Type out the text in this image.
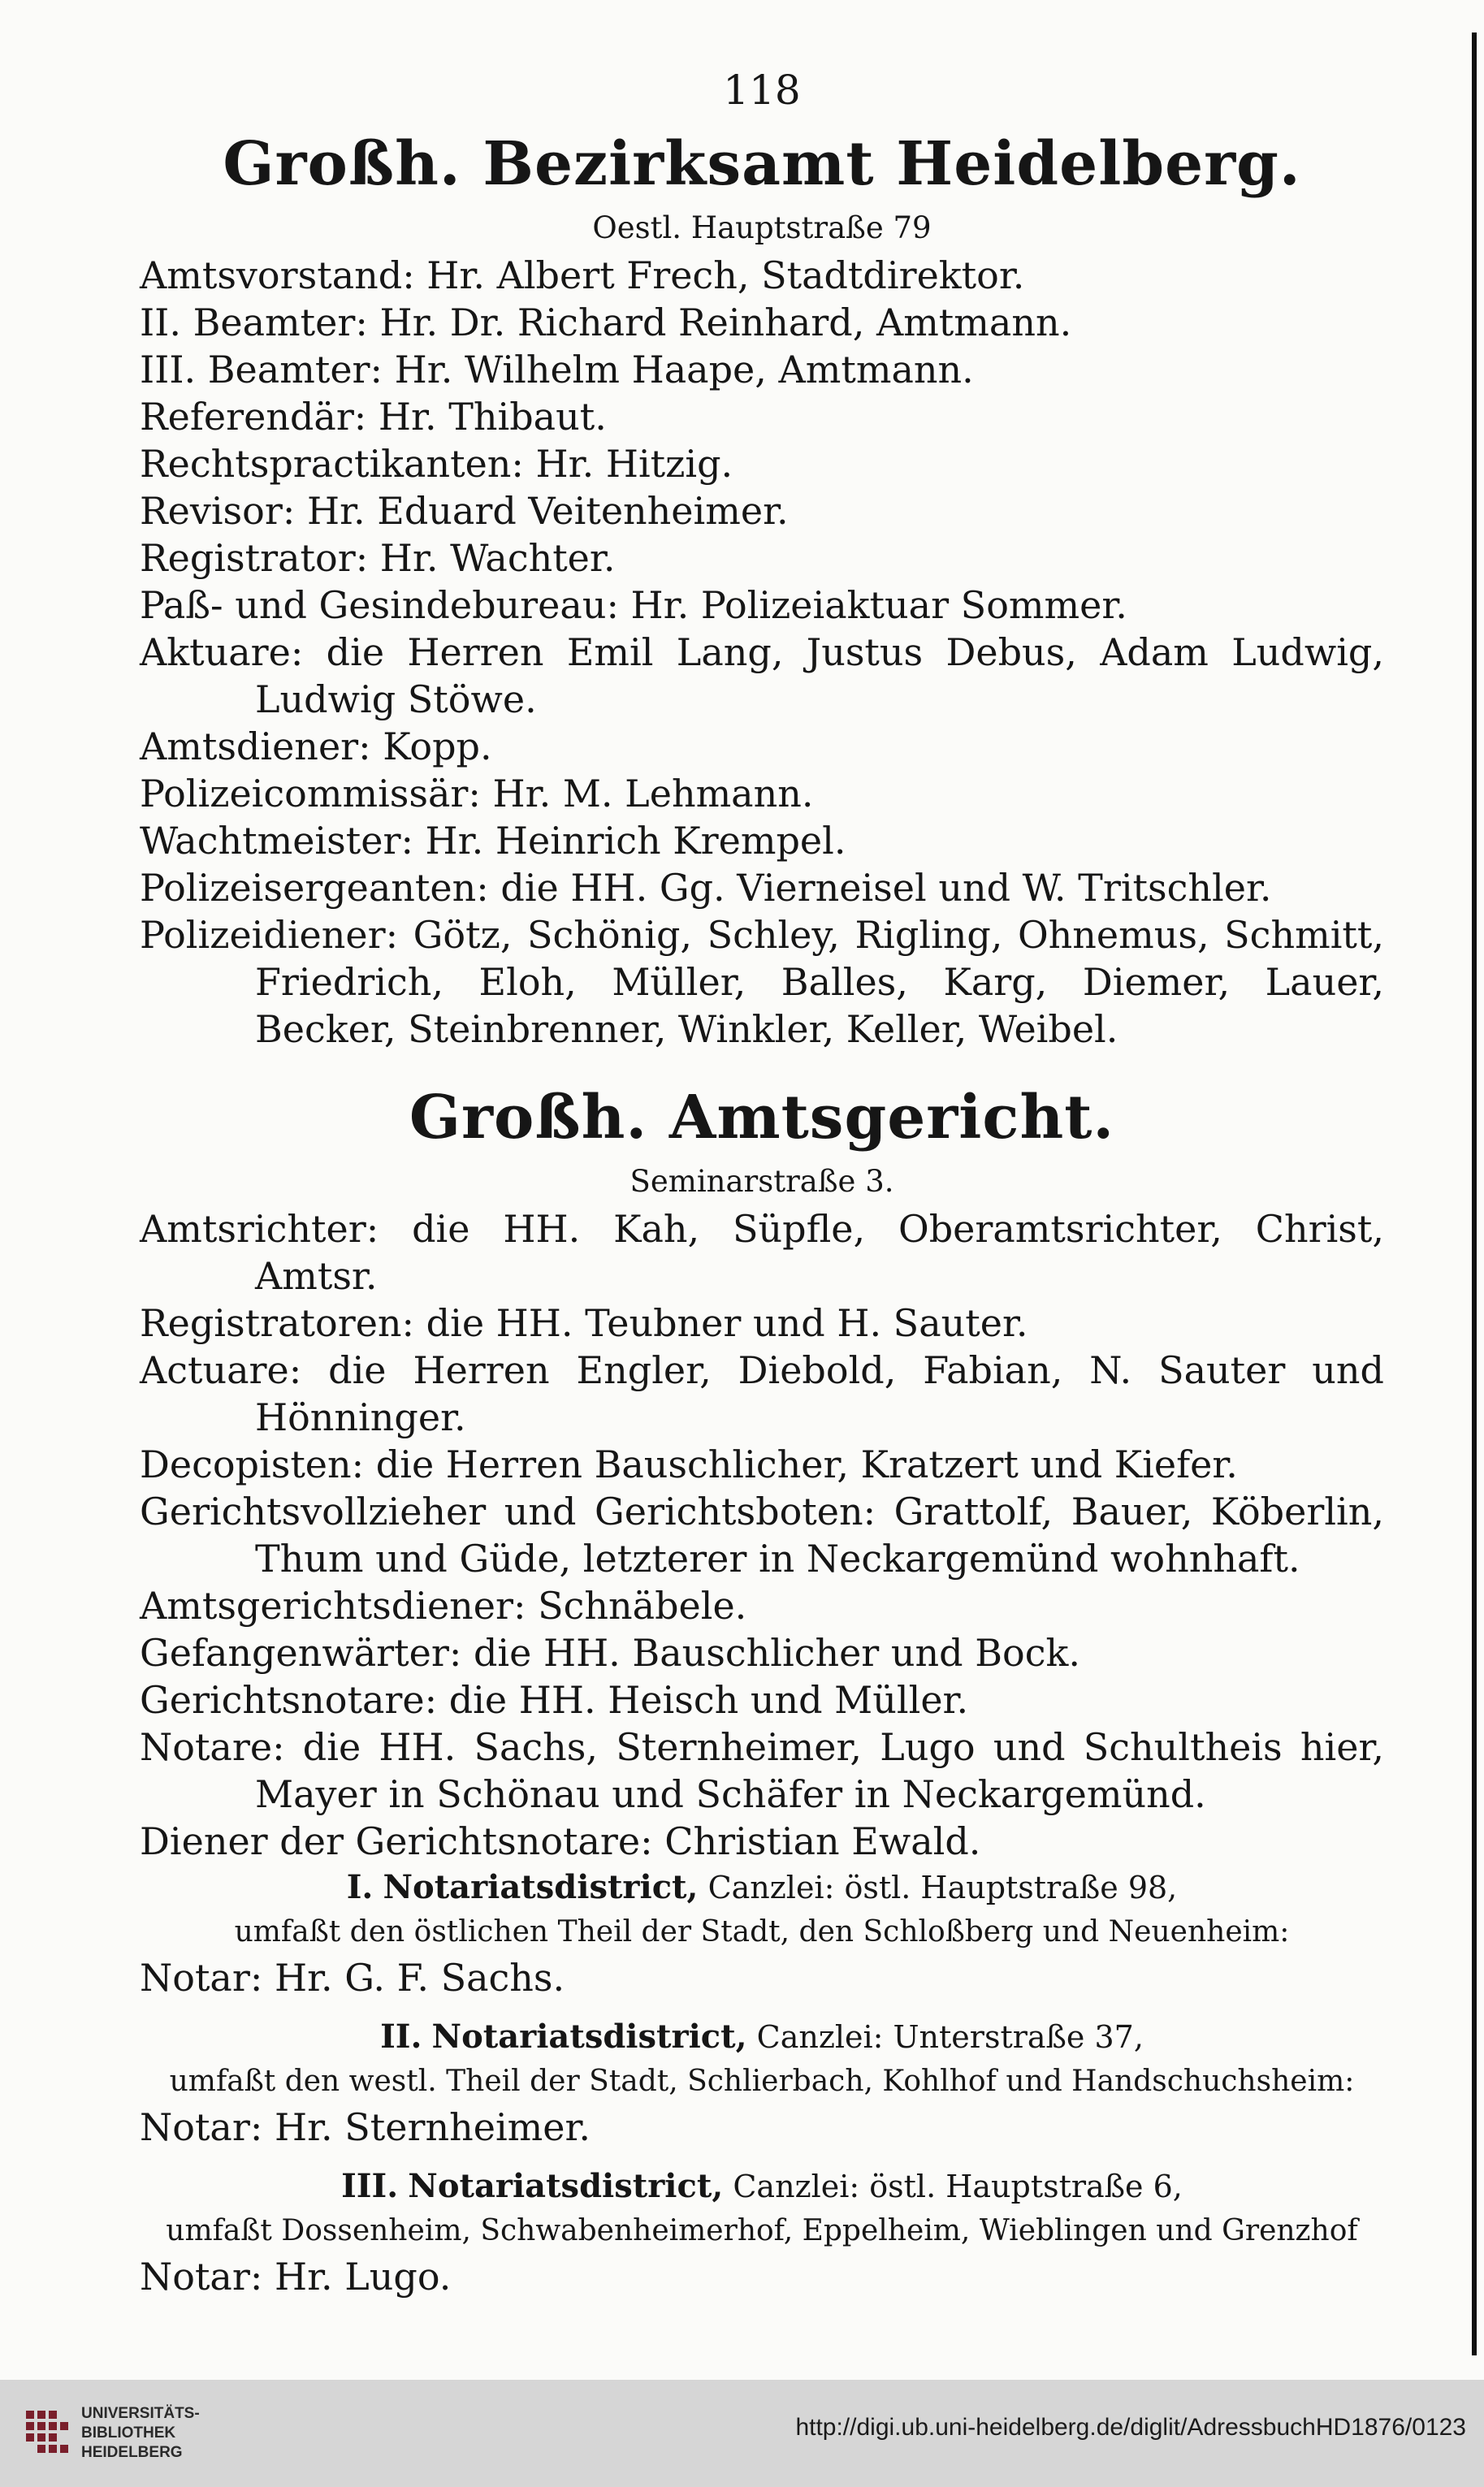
118
Großh. Bezirksamt Heidelberg.
Oestl. Hauptstraße 79
Amtsvorstand: Hr. Albert Frech, Stadtdirektor.
II. Beamter: Hr. Dr. Richard Reinhard, Amtmann.
III. Beamter: Hr. Wilhelm Haape, Amtmann.
Referendär: Hr. Thibaut.
Rechtspractikanten: Hr. Hitzig.
Revisor: Hr. Eduard Veitenheimer.
Registrator: Hr. Wachter.
Paß- und Gesindebureau: Hr. Polizeiaktuar Sommer.
Aktuare: die Herren Emil Lang, Justus Debus, Adam Ludwig, Ludwig Stöwe.
Amtsdiener: Kopp.
Polizeicommissär: Hr. M. Lehmann.
Wachtmeister: Hr. Heinrich Krempel.
Polizeisergeanten: die HH. Gg. Vierneisel und W. Tritschler.
Polizeidiener: Götz, Schönig, Schley, Rigling, Ohnemus, Schmitt, Friedrich, Eloh, Müller, Balles, Karg, Diemer, Lauer, Becker, Steinbrenner, Winkler, Keller, Weibel.
Großh. Amtsgericht.
Seminarstraße 3.
Amtsrichter: die HH. Kah, Süpfle, Oberamtsrichter, Christ, Amtsr.
Registratoren: die HH. Teubner und H. Sauter.
Actuare: die Herren Engler, Diebold, Fabian, N. Sauter und Hönninger.
Decopisten: die Herren Bauschlicher, Kratzert und Kiefer.
Gerichtsvollzieher und Gerichtsboten: Grattolf, Bauer, Köberlin, Thum und Güde, letzterer in Neckargemünd wohnhaft.
Amtsgerichtsdiener: Schnäbele.
Gefangenwärter: die HH. Bauschlicher und Bock.
Gerichtsnotare: die HH. Heisch und Müller.
Notare: die HH. Sachs, Sternheimer, Lugo und Schultheis hier, Mayer in Schönau und Schäfer in Neckargemünd.
Diener der Gerichtsnotare: Christian Ewald.
I. Notariatsdistrict, Canzlei: östl. Hauptstraße 98,
umfaßt den östlichen Theil der Stadt, den Schloßberg und Neuenheim:
Notar: Hr. G. F. Sachs.
II. Notariatsdistrict, Canzlei: Unterstraße 37,
umfaßt den westl. Theil der Stadt, Schlierbach, Kohlhof und Handschuchsheim:
Notar: Hr. Sternheimer.
III. Notariatsdistrict, Canzlei: östl. Hauptstraße 6,
umfaßt Dossenheim, Schwabenheimerhof, Eppelheim, Wieblingen und Grenzhof
Notar: Hr. Lugo.
UNIVERSITÄTS-
BIBLIOTHEK
HEIDELBERG
http://digi.ub.uni-heidelberg.de/diglit/AdressbuchHD1876/0123
